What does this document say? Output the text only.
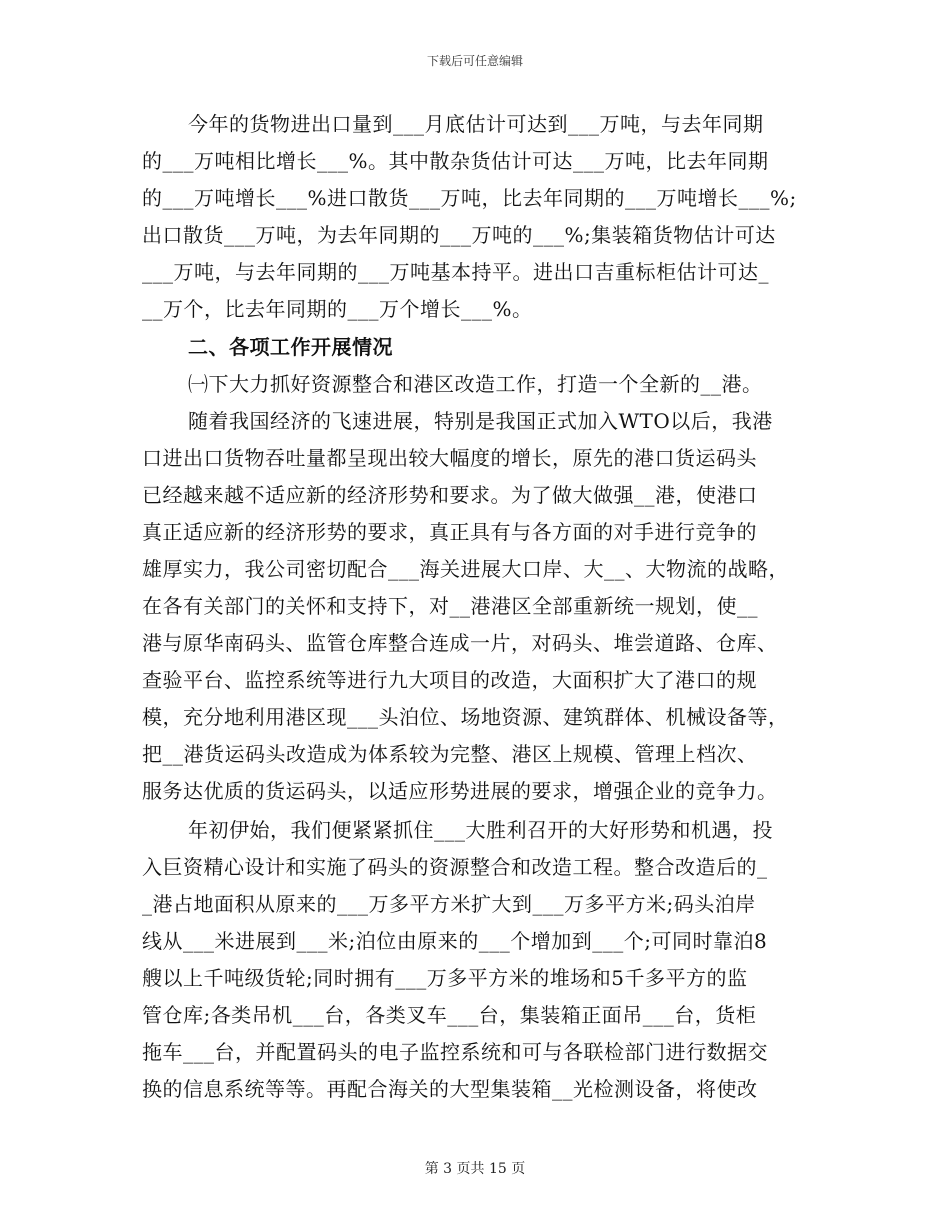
下载后可任意编辑
今年的货物进出口量到___月底估计可达到___万吨，与去年同期
的___万吨相比增长___%。其中散杂货估计可达___万吨，比去年同期
的___万吨增长___%进口散货___万吨，比去年同期的___万吨增长___%;
出口散货___万吨，为去年同期的___万吨的___%;集装箱货物估计可达
___万吨，与去年同期的___万吨基本持平。进出口吉重标柜估计可达_
__万个，比去年同期的___万个增长___%。
二、各项工作开展情况
㈠下大力抓好资源整合和港区改造工作，打造一个全新的__港。
随着我国经济的飞速进展，特别是我国正式加入WTO以后，我港
口进出口货物吞吐量都呈现出较大幅度的增长，原先的港口货运码头
已经越来越不适应新的经济形势和要求。为了做大做强__港，使港口
真正适应新的经济形势的要求，真正具有与各方面的对手进行竞争的
雄厚实力，我公司密切配合___海关进展大口岸、大__、大物流的战略，
在各有关部门的关怀和支持下，对__港港区全部重新统一规划，使__
港与原华南码头、监管仓库整合连成一片，对码头、堆尝道路、仓库、
查验平台、监控系统等进行九大项目的改造，大面积扩大了港口的规
模，充分地利用港区现___头泊位、场地资源、建筑群体、机械设备等，
把__港货运码头改造成为体系较为完整、港区上规模、管理上档次、
服务达优质的货运码头，以适应形势进展的要求，增强企业的竞争力。
年初伊始，我们便紧紧抓住___大胜利召开的大好形势和机遇，投
入巨资精心设计和实施了码头的资源整合和改造工程。整合改造后的_
_港占地面积从原来的___万多平方米扩大到___万多平方米;码头泊岸
线从___米进展到___米;泊位由原来的___个增加到___个;可同时靠泊8
艘以上千吨级货轮;同时拥有___万多平方米的堆场和5千多平方的监
管仓库;各类吊机___台，各类叉车___台，集装箱正面吊___台，货柜
拖车___台，并配置码头的电子监控系统和可与各联检部门进行数据交
换的信息系统等等。再配合海关的大型集装箱__光检测设备，将使改
第 3 页共 15 页
